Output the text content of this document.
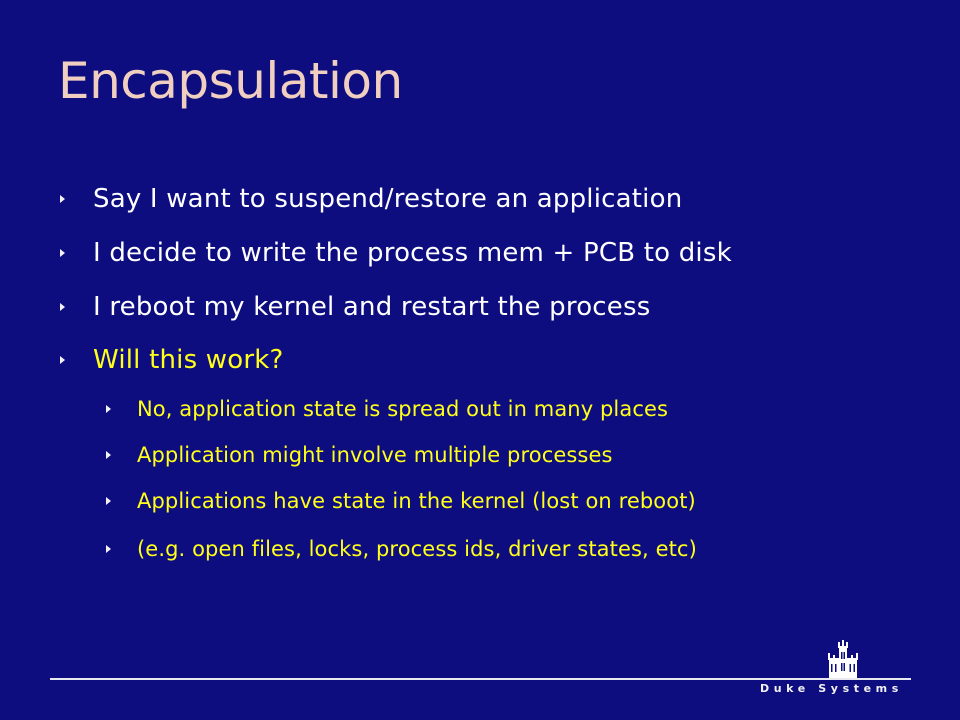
Encapsulation
Say I want to suspend/restore an application
I decide to write the process mem + PCB to disk
I reboot my kernel and restart the process
Will this work?
No, application state is spread out in many places
Application might involve multiple processes
Applications have state in the kernel (lost on reboot)
(e.g. open files, locks, process ids, driver states, etc)
Duke Systems
